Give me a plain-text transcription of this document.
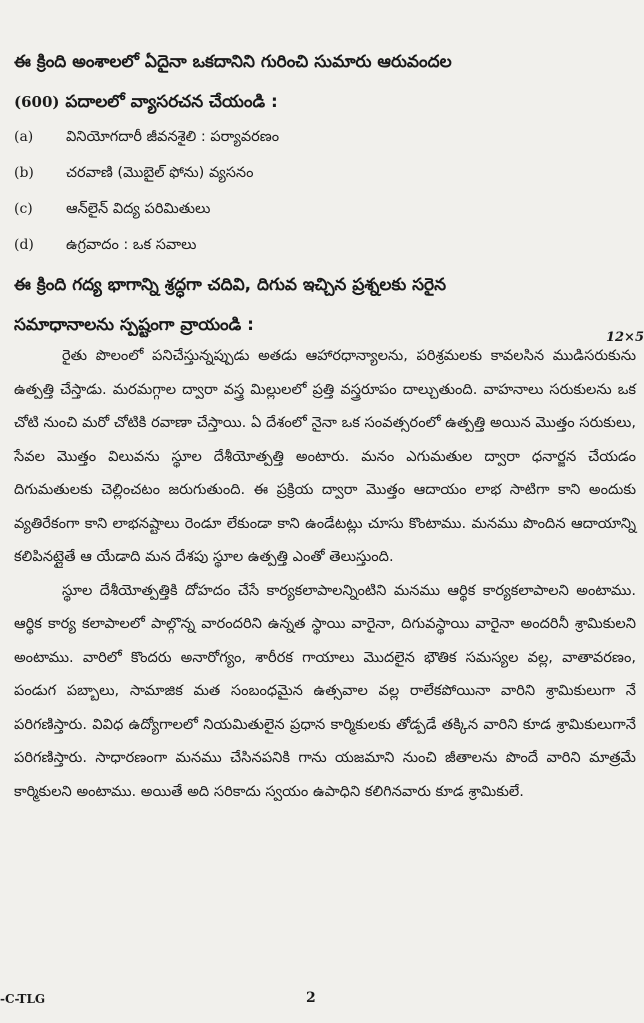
ఈ క్రింది అంశాలలో ఏదైనా ఒకదానిని గురించి సుమారు ఆరువందల
(600) పదాలలో వ్యాసరచన చేయండి :
(a) వినియోగదారీ జీవనశైలి : పర్యావరణం
(b) చరవాణి (మొబైల్ ఫోను) వ్యసనం
(c) ఆన్‌లైన్ విద్య పరిమితులు
(d) ఉగ్రవాదం : ఒక సవాలు
ఈ క్రింది గద్య భాగాన్ని శ్రద్ధగా చదివి, దిగువ ఇచ్చిన ప్రశ్నలకు సరైన
సమాధానాలను స్పష్టంగా వ్రాయండి :
12×5

రైతు పొలంలో పనిచేస్తున్నప్పుడు అతడు ఆహారధాన్యాలను, పరిశ్రమలకు కావలసిన ముడిసరుకును ఉత్పత్తి చేస్తాడు. మరమగ్గాల ద్వారా వస్త్ర మిల్లులలో ప్రత్తి వస్త్రరూపం దాల్చుతుంది. వాహనాలు సరుకులను ఒక చోటి నుంచి మరో చోటికి రవాణా చేస్తాయి. ఏ దేశంలో నైనా ఒక సంవత్సరంలో ఉత్పత్తి అయిన మొత్తం సరుకులు, సేవల మొత్తం విలువను స్థూల దేశీయోత్పత్తి అంటారు. మనం ఎగుమతుల ద్వారా ధనార్జన చేయడం దిగుమతులకు చెల్లించటం జరుగుతుంది. ఈ ప్రక్రియ ద్వారా మొత్తం ఆదాయం లాభ సాటిగా కాని అందుకు వ్యతిరేకంగా కాని లాభనష్టాలు రెండూ లేకుండా కాని ఉండేటట్లు చూసు కొంటాము. మనము పొందిన ఆదాయాన్ని కలిపినట్లైతే ఆ యేడాది మన దేశపు స్థూల ఉత్పత్తి ఎంతో తెలుస్తుంది.

స్థూల దేశీయోత్పత్తికి దోహదం చేసే కార్యకలాపాలన్నింటిని మనము ఆర్థిక కార్యకలాపాలని అంటాము. ఆర్థిక కార్య కలాపాలలో పాల్గొన్న వారందరిని ఉన్నత స్థాయి వారైనా, దిగువస్థాయి వారైనా అందరినీ శ్రామికులని అంటాము. వారిలో కొందరు అనారోగ్యం, శారీరక గాయాలు మొదలైన భౌతిక సమస్యల వల్ల, వాతావరణం, పండుగ పబ్బాలు, సామాజిక మత సంబంధమైన ఉత్సవాల వల్ల రాలేకపోయినా వారిని శ్రామికులుగా నే పరిగణిస్తారు. వివిధ ఉద్యోగాలలో నియమితులైన ప్రధాన కార్మికులకు తోడ్పడే తక్కిన వారిని కూడ శ్రామికులుగానే పరిగణిస్తారు. సాధారణంగా మనము చేసినపనికి గాను యజమాని నుంచి జీతాలను పొందే వారిని మాత్రమే కార్మికులని అంటాము. అయితే అది సరికాదు స్వయం ఉపాధిని కలిగినవారు కూడ శ్రామికులే.

-C-TLG	2
